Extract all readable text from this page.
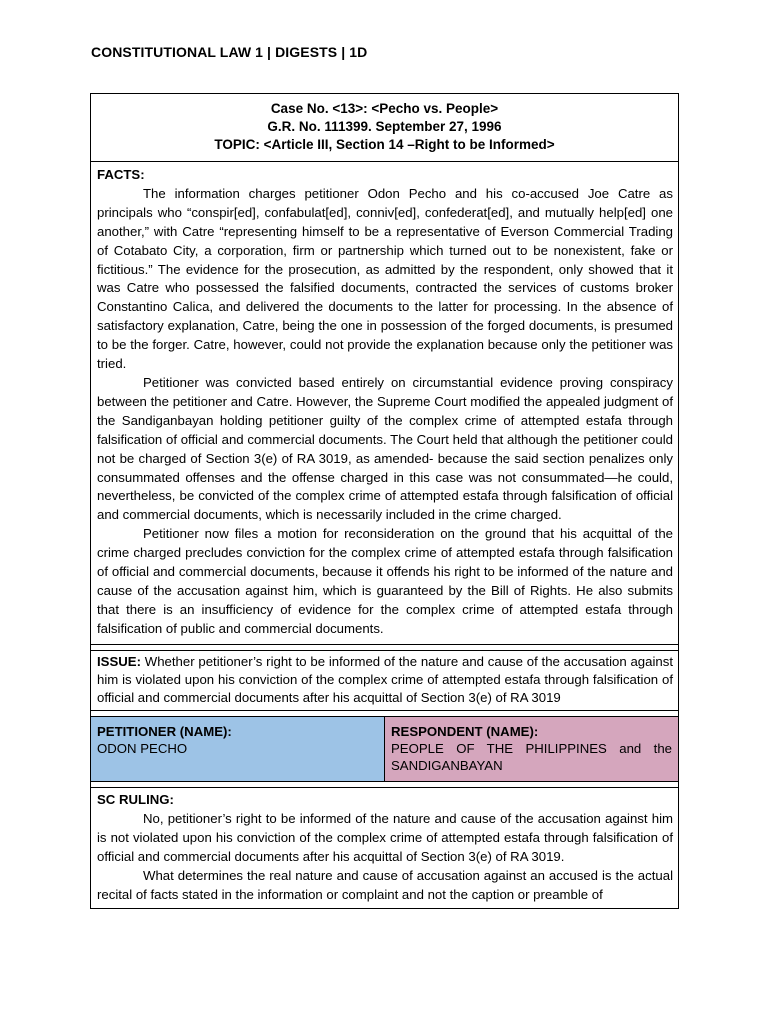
CONSTITUTIONAL LAW 1 | DIGESTS | 1D
Case No. <13>: <Pecho vs. People>
G.R. No. 111399. September 27, 1996
TOPIC: <Article III, Section 14 –Right to be Informed>
FACTS:

The information charges petitioner Odon Pecho and his co-accused Joe Catre as principals who “conspir[ed], confabulat[ed], conniv[ed], confederat[ed], and mutually help[ed] one another,” with Catre “representing himself to be a representative of Everson Commercial Trading of Cotabato City, a corporation, firm or partnership which turned out to be nonexistent, fake or fictitious.” The evidence for the prosecution, as admitted by the respondent, only showed that it was Catre who possessed the falsified documents, contracted the services of customs broker Constantino Calica, and delivered the documents to the latter for processing. In the absence of satisfactory explanation, Catre, being the one in possession of the forged documents, is presumed to be the forger. Catre, however, could not provide the explanation because only the petitioner was tried.

Petitioner was convicted based entirely on circumstantial evidence proving conspiracy between the petitioner and Catre. However, the Supreme Court modified the appealed judgment of the Sandiganbayan holding petitioner guilty of the complex crime of attempted estafa through falsification of official and commercial documents. The Court held that although the petitioner could not be charged of Section 3(e) of RA 3019, as amended- because the said section penalizes only consummated offenses and the offense charged in this case was not consummated—he could, nevertheless, be convicted of the complex crime of attempted estafa through falsification of official and commercial documents, which is necessarily included in the crime charged.

Petitioner now files a motion for reconsideration on the ground that his acquittal of the crime charged precludes conviction for the complex crime of attempted estafa through falsification of official and commercial documents, because it offends his right to be informed of the nature and cause of the accusation against him, which is guaranteed by the Bill of Rights. He also submits that there is an insufficiency of evidence for the complex crime of attempted estafa through falsification of public and commercial documents.

ISSUE: Whether petitioner’s right to be informed of the nature and cause of the accusation against him is violated upon his conviction of the complex crime of attempted estafa through falsification of official and commercial documents after his acquittal of Section 3(e) of RA 3019
PETITIONER (NAME):
ODON PECHO
RESPONDENT (NAME):
PEOPLE OF THE PHILIPPINES and the SANDIGANBAYAN
SC RULING:

No, petitioner’s right to be informed of the nature and cause of the accusation against him is not violated upon his conviction of the complex crime of attempted estafa through falsification of official and commercial documents after his acquittal of Section 3(e) of RA 3019.

What determines the real nature and cause of accusation against an accused is the actual recital of facts stated in the information or complaint and not the caption or preamble of
